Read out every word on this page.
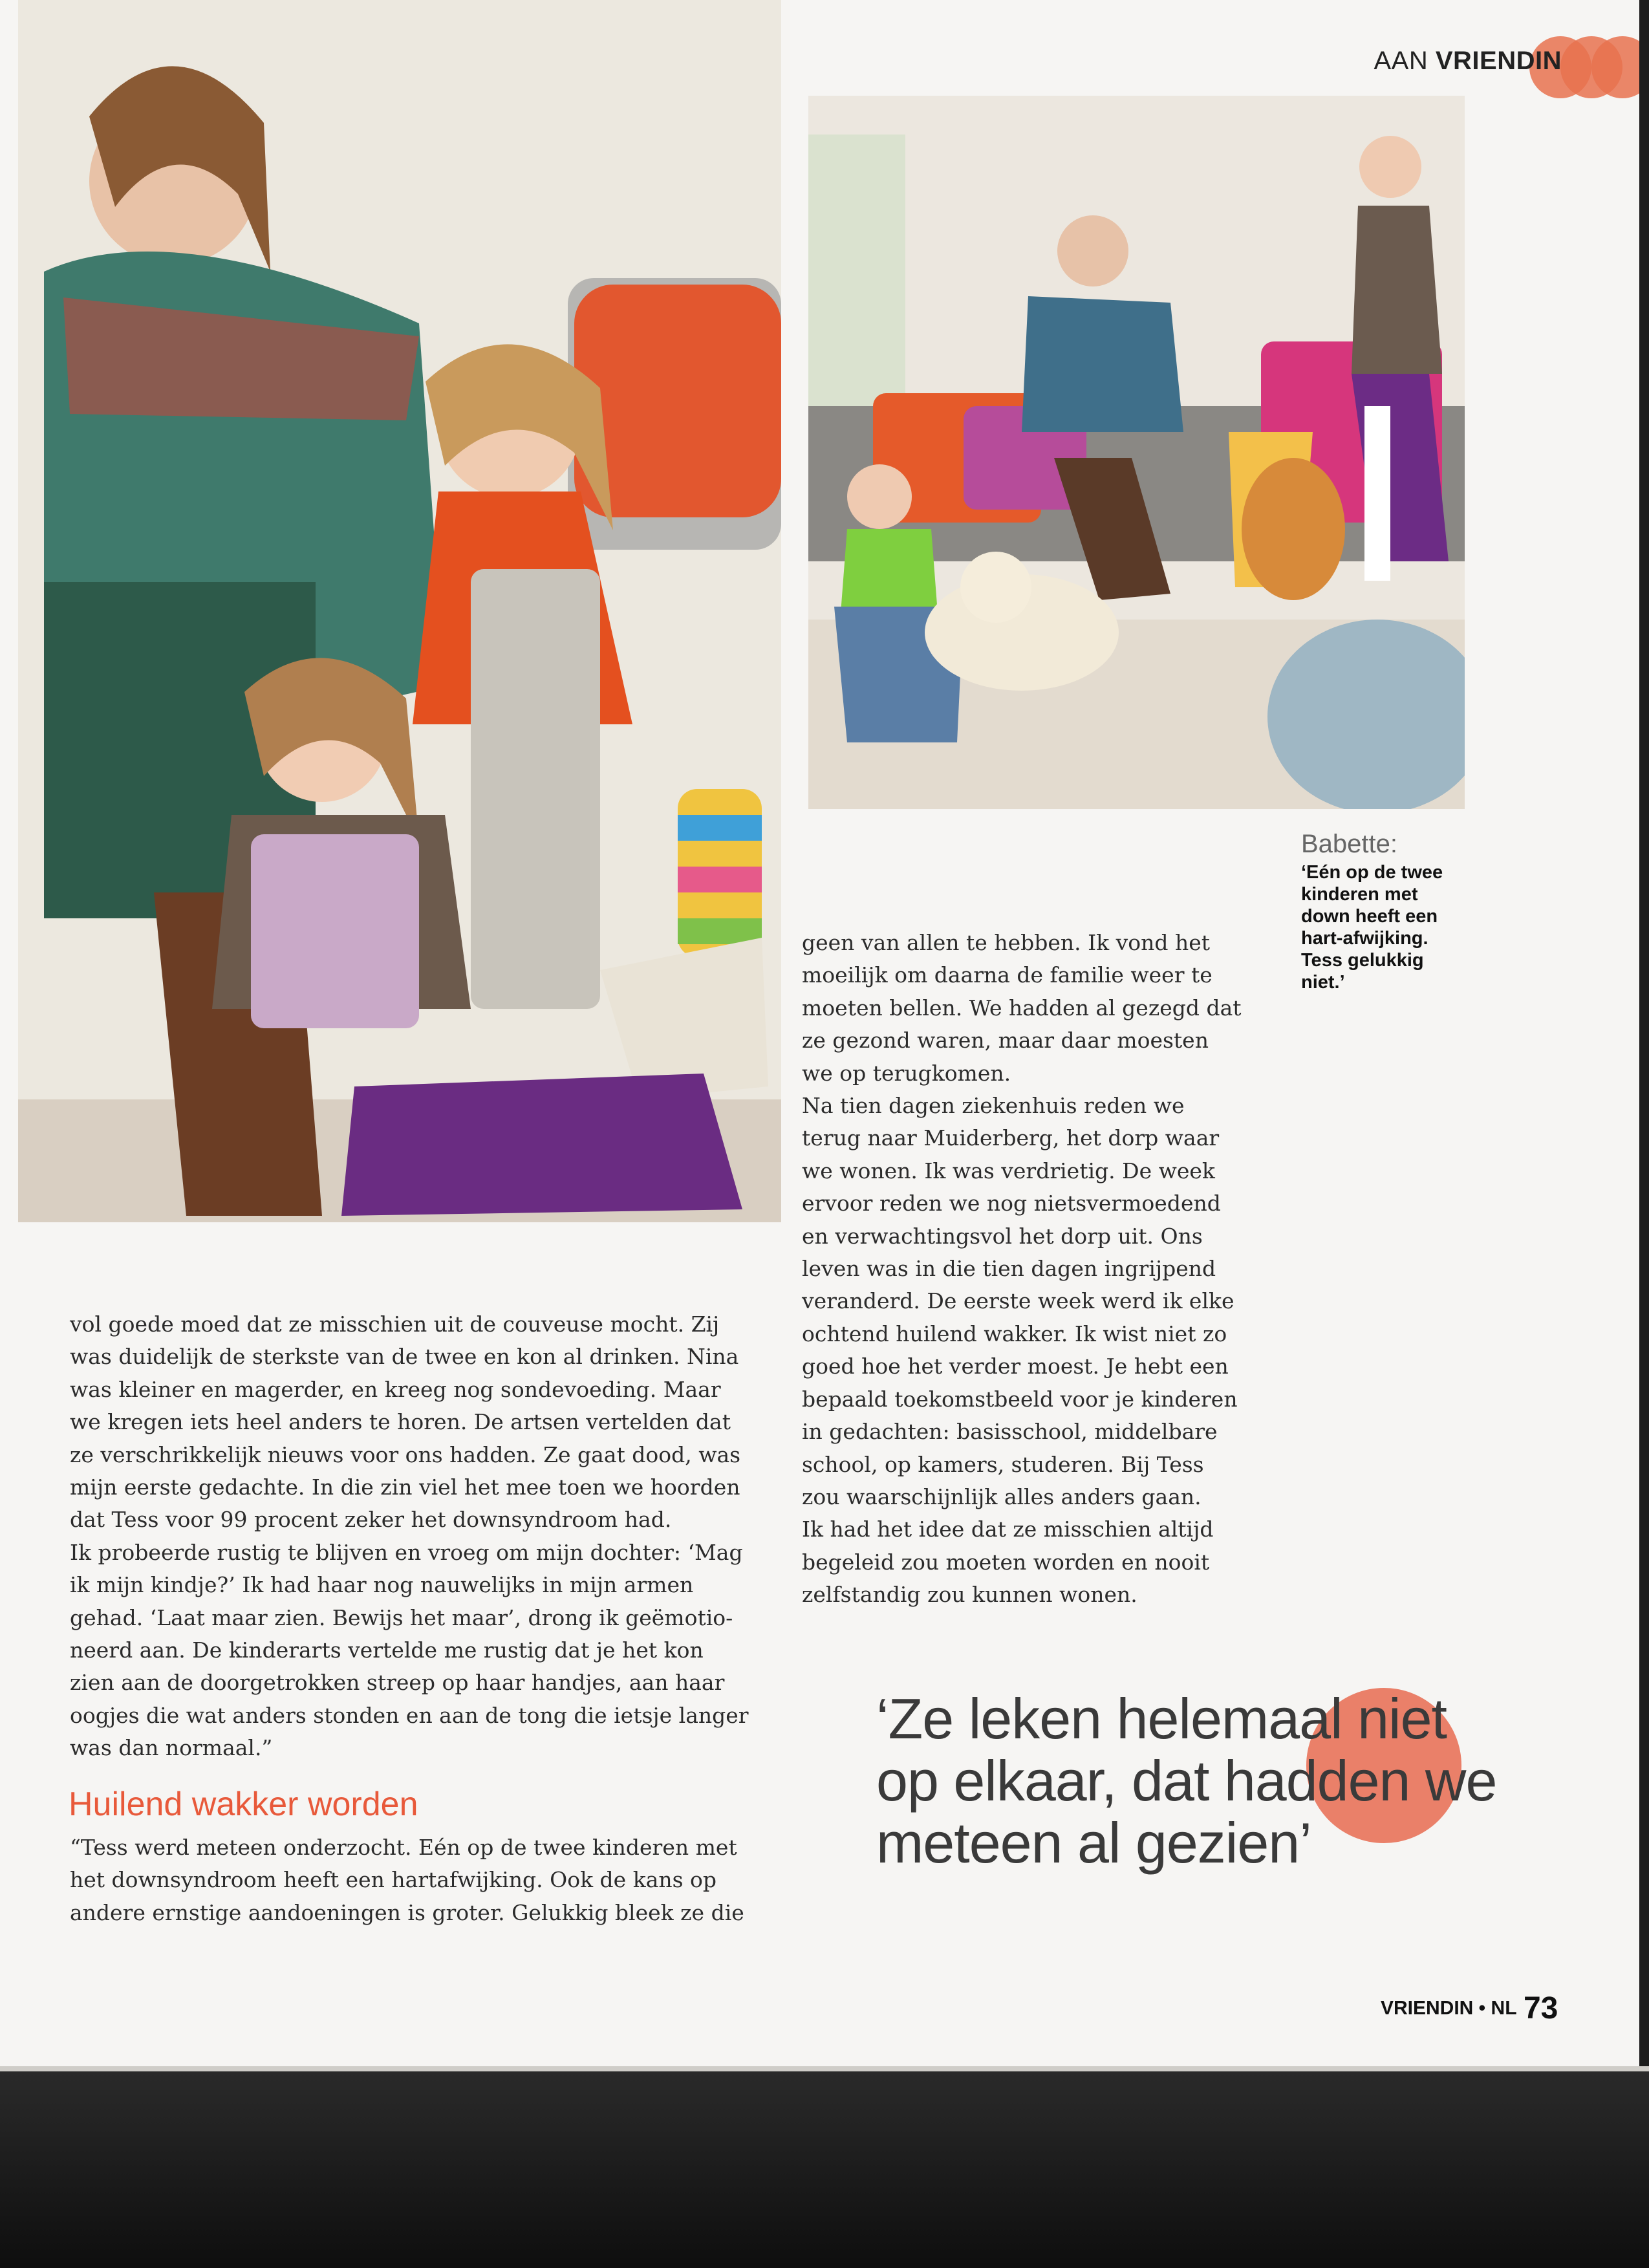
AAN VRIENDIN
Babette:
‘Eén op de twee kinderen met down heeft een hart-afwijking. Tess gelukkig niet.’

geen van allen te hebben. Ik vond het

moeilijk om daarna de familie weer te

moeten bellen. We hadden al gezegd dat

ze gezond waren, maar daar moesten

we op terugkomen.

Na tien dagen ziekenhuis reden we

terug naar Muiderberg, het dorp waar

we wonen. Ik was verdrietig. De week

ervoor reden we nog nietsvermoedend

en verwachtingsvol het dorp uit. Ons

leven was in die tien dagen ingrijpend

veranderd. De eerste week werd ik elke

ochtend huilend wakker. Ik wist niet zo

goed hoe het verder moest. Je hebt een

bepaald toekomstbeeld voor je kinderen

in gedachten: basisschool, middelbare

school, op kamers, studeren. Bij Tess

zou waarschijnlijk alles anders gaan.

Ik had het idee dat ze misschien altijd

begeleid zou moeten worden en nooit

zelfstandig zou kunnen wonen.

vol goede moed dat ze misschien uit de couveuse mocht. Zij

was duidelijk de sterkste van de twee en kon al drinken. Nina

was kleiner en magerder, en kreeg nog sondevoeding. Maar

we kregen iets heel anders te horen. De artsen vertelden dat

ze verschrikkelijk nieuws voor ons hadden. Ze gaat dood, was

mijn eerste gedachte. In die zin viel het mee toen we hoorden

dat Tess voor 99 procent zeker het downsyndroom had.

Ik probeerde rustig te blijven en vroeg om mijn dochter: ‘Mag

ik mijn kindje?’ Ik had haar nog nauwelijks in mijn armen

gehad. ‘Laat maar zien. Bewijs het maar’, drong ik geëmotio-

neerd aan. De kinderarts vertelde me rustig dat je het kon

zien aan de doorgetrokken streep op haar handjes, aan haar

oogjes die wat anders stonden en aan de tong die ietsje langer

was dan normaal.”

Huilend wakker worden

“Tess werd meteen onderzocht. Eén op de twee kinderen met

het downsyndroom heeft een hartafwijking. Ook de kans op

andere ernstige aandoeningen is groter. Gelukkig bleek ze die

‘Ze leken helemaal niet
op elkaar, dat hadden we
meteen al gezien’

VRIENDIN • NL 73
